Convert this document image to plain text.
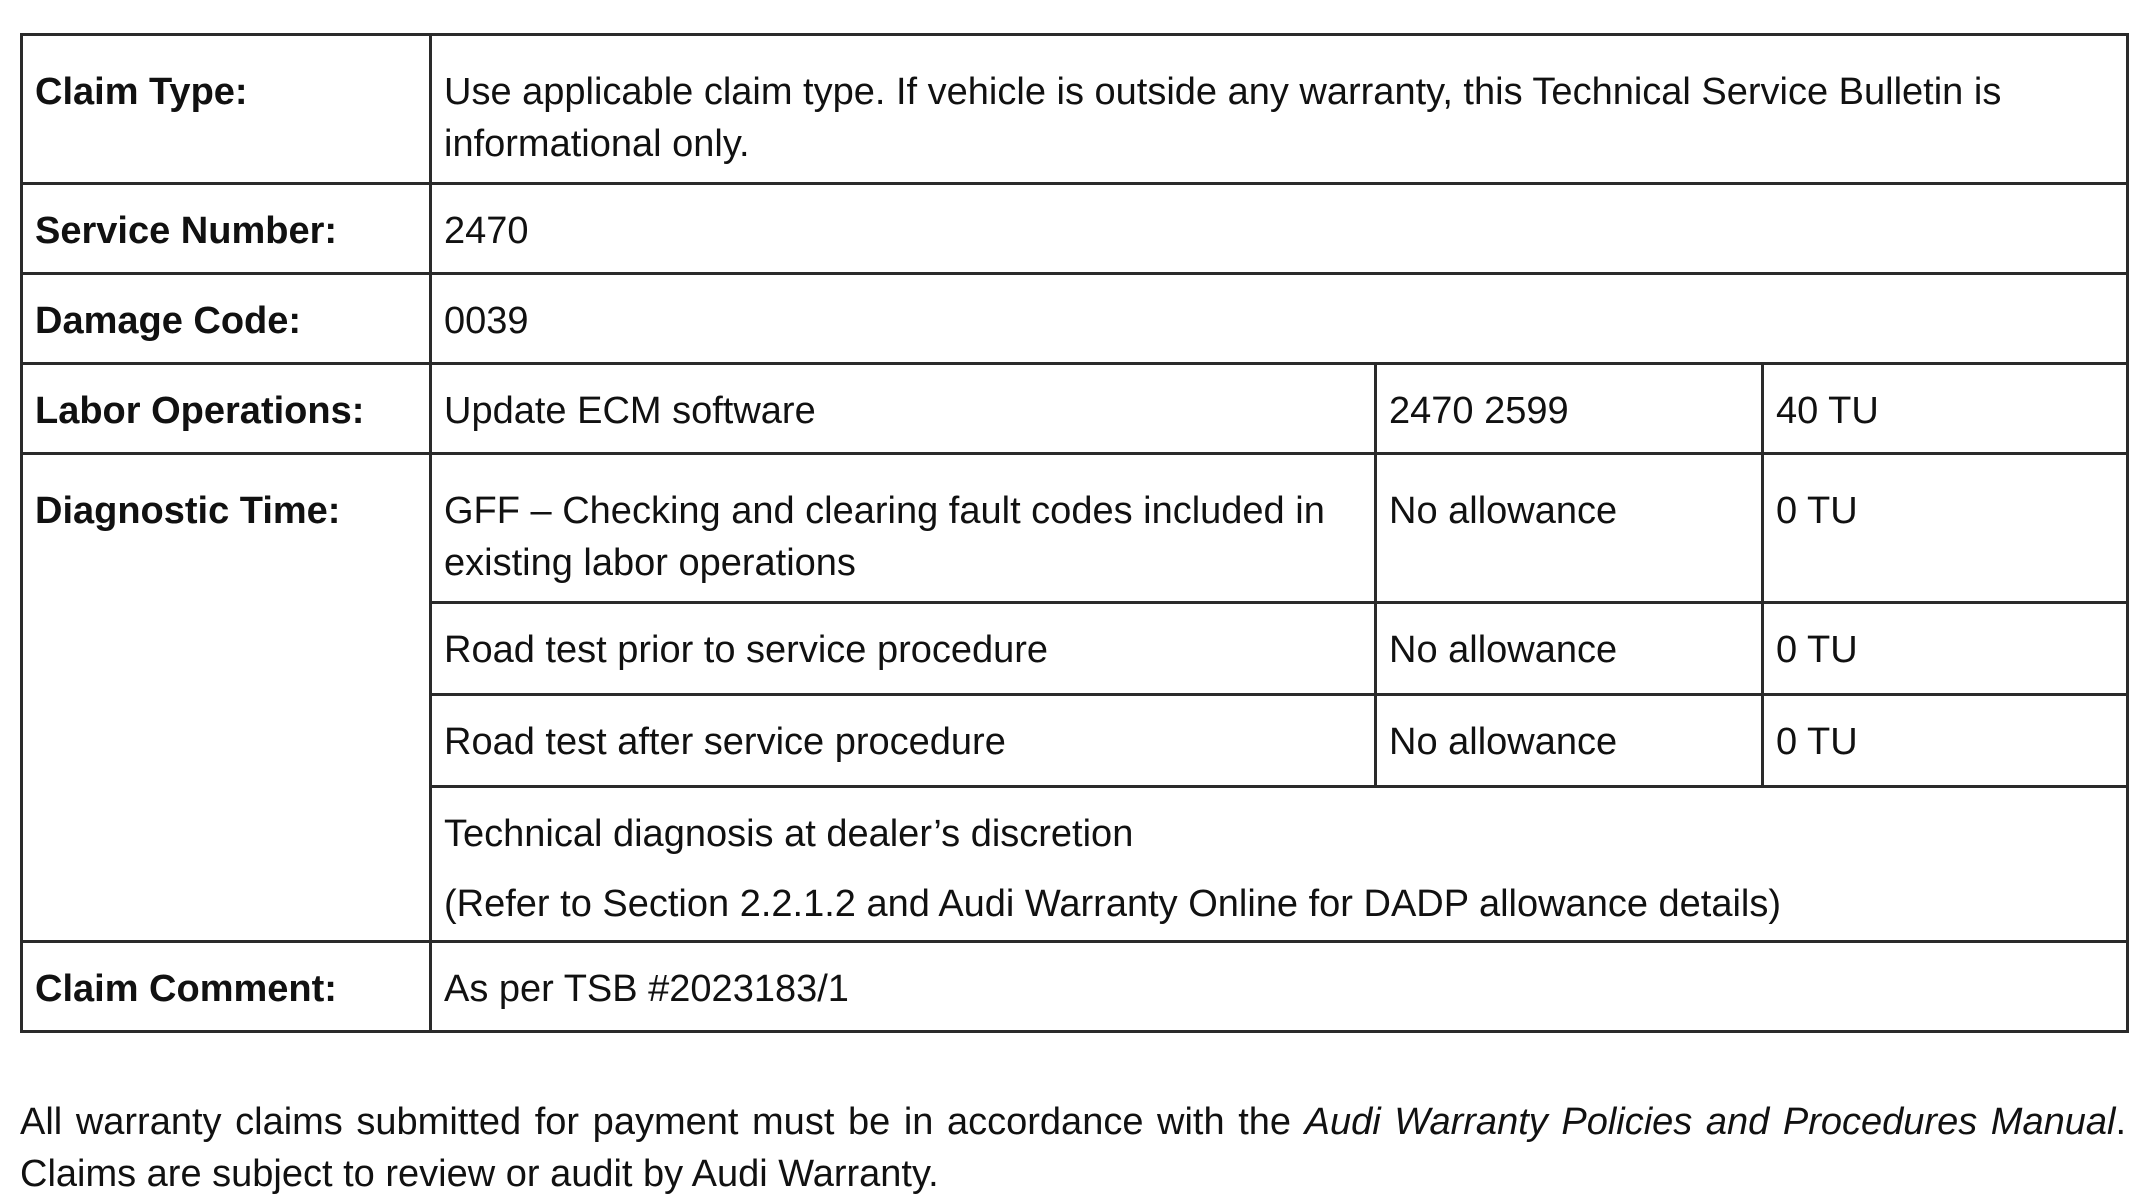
Claim Type:	Use applicable claim type. If vehicle is outside any warranty, this Technical Service Bulletin is informational only.		
Service Number:	2470		
Damage Code:	0039		
Labor Operations:	Update ECM software	2470 2599	40 TU
Diagnostic Time:	GFF – Checking and clearing fault codes included in existing labor operations	No allowance	0 TU
	Road test prior to service procedure	No allowance	0 TU
	Road test after service procedure	No allowance	0 TU

	Technical diagnosis at dealer’s discretion
(Refer to Section 2.2.1.2 and Audi Warranty Online for DADP allowance details)		

Claim Comment:	As per TSB #2023183/1		

All warranty claims submitted for payment must be in accordance with the Audi Warranty Policies and Procedures Manual. Claims are subject to review or audit by Audi Warranty.
